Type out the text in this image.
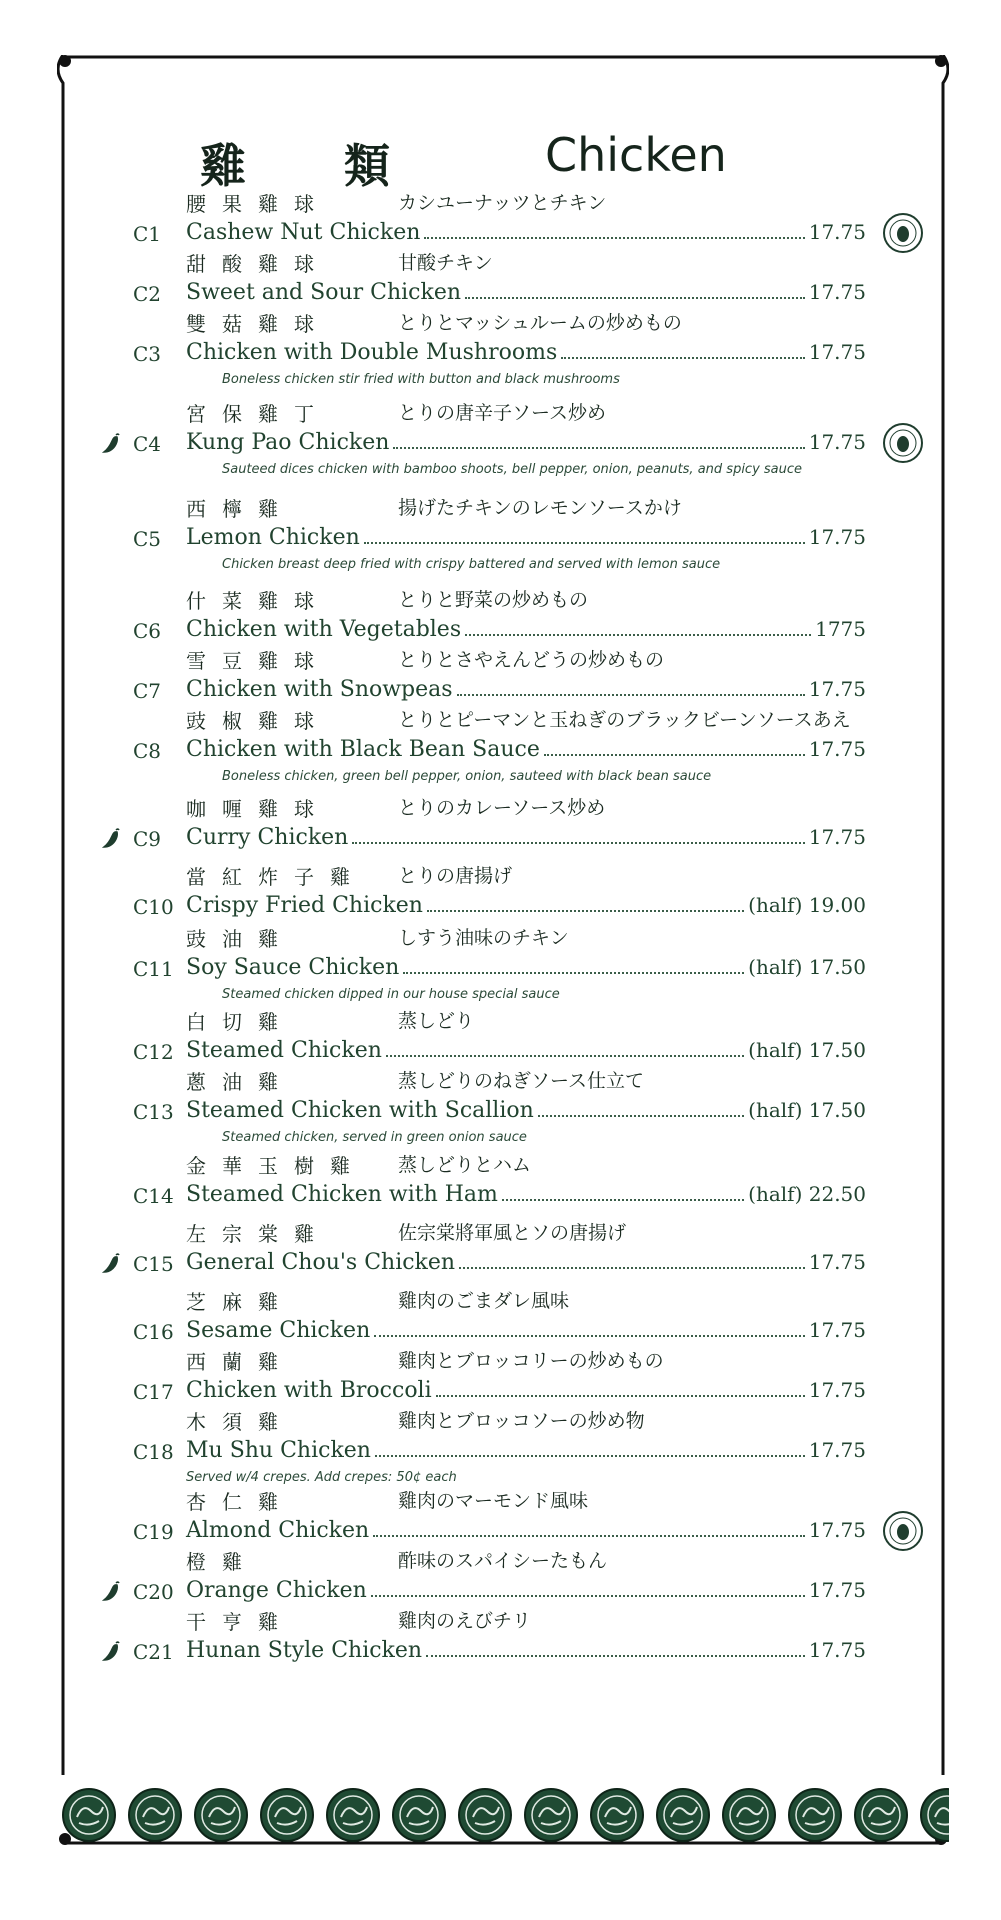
雞　類	Chicken
腰果雞球	カシユーナッツとチキン
C1 Cashew Nut Chicken	17.75
甜酸雞球	甘酸チキン
C2 Sweet and Sour Chicken	17.75
雙菇雞球	とりとマッシュルームの炒めもの
C3 Chicken with Double Mushrooms	17.75
Boneless chicken stir fried with button and black mushrooms
宮保雞丁	とりの唐辛子ソース炒め
C4 Kung Pao Chicken	17.75
Sauteed dices chicken with bamboo shoots, bell pepper, onion, peanuts, and spicy sauce
西檸雞	揚げたチキンのレモンソースかけ
C5 Lemon Chicken	17.75
Chicken breast deep fried with crispy battered and served with lemon sauce
什菜雞球	とりと野菜の炒めもの
C6 Chicken with Vegetables	1775
雪豆雞球	とりとさやえんどうの炒めもの
C7 Chicken with Snowpeas	17.75
豉椒雞球	とりとピーマンと玉ねぎのブラックビーンソースあえ
C8 Chicken with Black Bean Sauce	17.75
Boneless chicken, green bell pepper, onion, sauteed with black bean sauce
咖喱雞球	とりのカレーソース炒め
C9 Curry Chicken	17.75
當紅炸子雞 とりの唐揚げ
C10 Crispy Fried Chicken	(half) 19.00
豉油雞	しすう油味のチキン
C11 Soy Sauce Chicken	(half) 17.50
Steamed chicken dipped in our house special sauce
白切雞	蒸しどり
C12 Steamed Chicken	(half) 17.50
蔥油雞	蒸しどりのねぎソース仕立て
C13 Steamed Chicken with Scallion	(half) 17.50
Steamed chicken, served in green onion sauce
金華玉樹雞 蒸しどりとハム
C14 Steamed Chicken with Ham	(half) 22.50
左宗棠雞	佐宗棠將軍風とソの唐揚げ
C15 General Chou's Chicken	17.75
芝麻雞	雞肉のごまダレ風味
C16 Sesame Chicken	17.75
西蘭雞	雞肉とブロッコリーの炒めもの
C17 Chicken with Broccoli	17.75
木須雞	雞肉とブロッコソーの炒め物
C18 Mu Shu Chicken	17.75
Served w/4 crepes. Add crepes: 50¢ each
杏仁雞	雞肉のマーモンド風味
C19 Almond Chicken	17.75
橙雞	酢味のスパイシーたもん
C20 Orange Chicken	17.75
干亨雞	雞肉のえびチリ
C21 Hunan Style Chicken	17.75
